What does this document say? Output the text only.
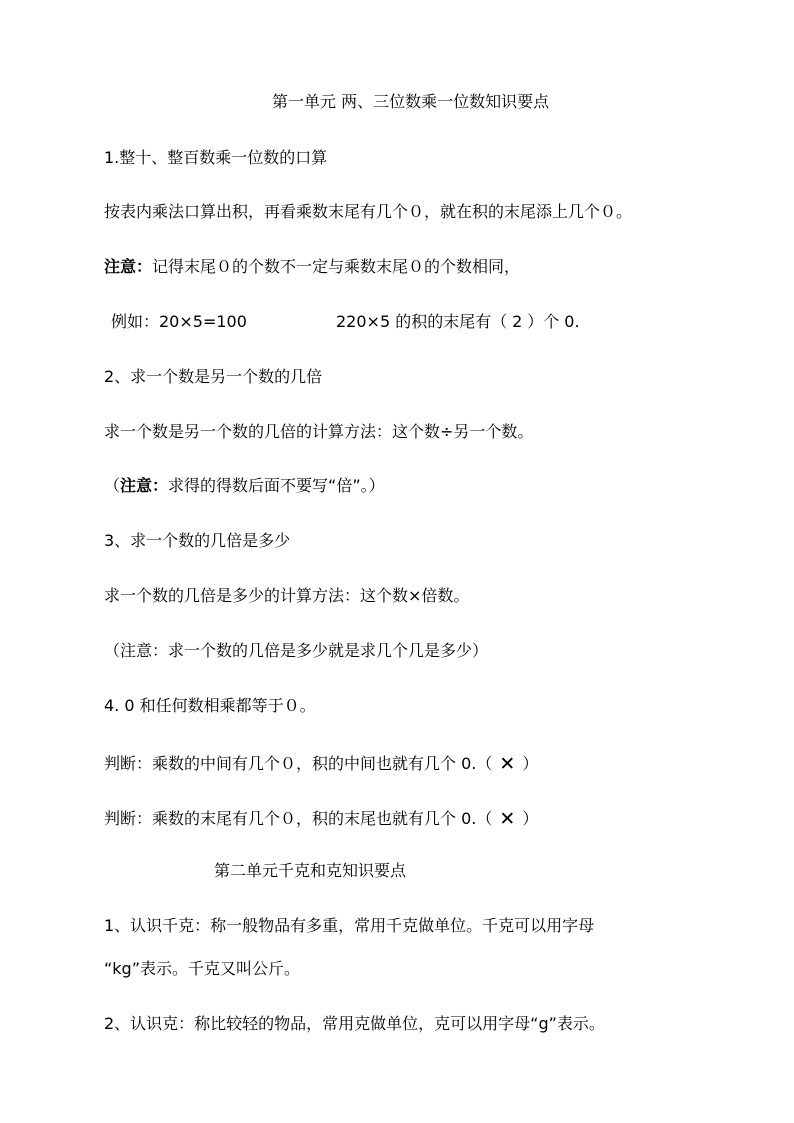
第一单元 两、三位数乘一位数知识要点
1.整十、整百数乘一位数的口算
按表内乘法口算出积，再看乘数末尾有几个０，就在积的末尾添上几个０。
注意：记得末尾０的个数不一定与乘数末尾０的个数相同，
例如：20×5=100	220×5 的积的末尾有（ 2 ）个 0.
2、求一个数是另一个数的几倍
求一个数是另一个数的几倍的计算方法：这个数÷另一个数。
（注意：求得的得数后面不要写“倍”。）
3、求一个数的几倍是多少
求一个数的几倍是多少的计算方法：这个数×倍数。
（注意：求一个数的几倍是多少就是求几个几是多少）
4. 0 和任何数相乘都等于０。
判断：乘数的中间有几个０，积的中间也就有几个 0.（ ✕ ）
判断：乘数的末尾有几个０，积的末尾也就有几个 0.（ ✕ ）
第二单元千克和克知识要点
1、认识千克：称一般物品有多重，常用千克做单位。千克可以用字母
“kg”表示。千克又叫公斤。
2、认识克：称比较轻的物品，常用克做单位，克可以用字母“g”表示。
